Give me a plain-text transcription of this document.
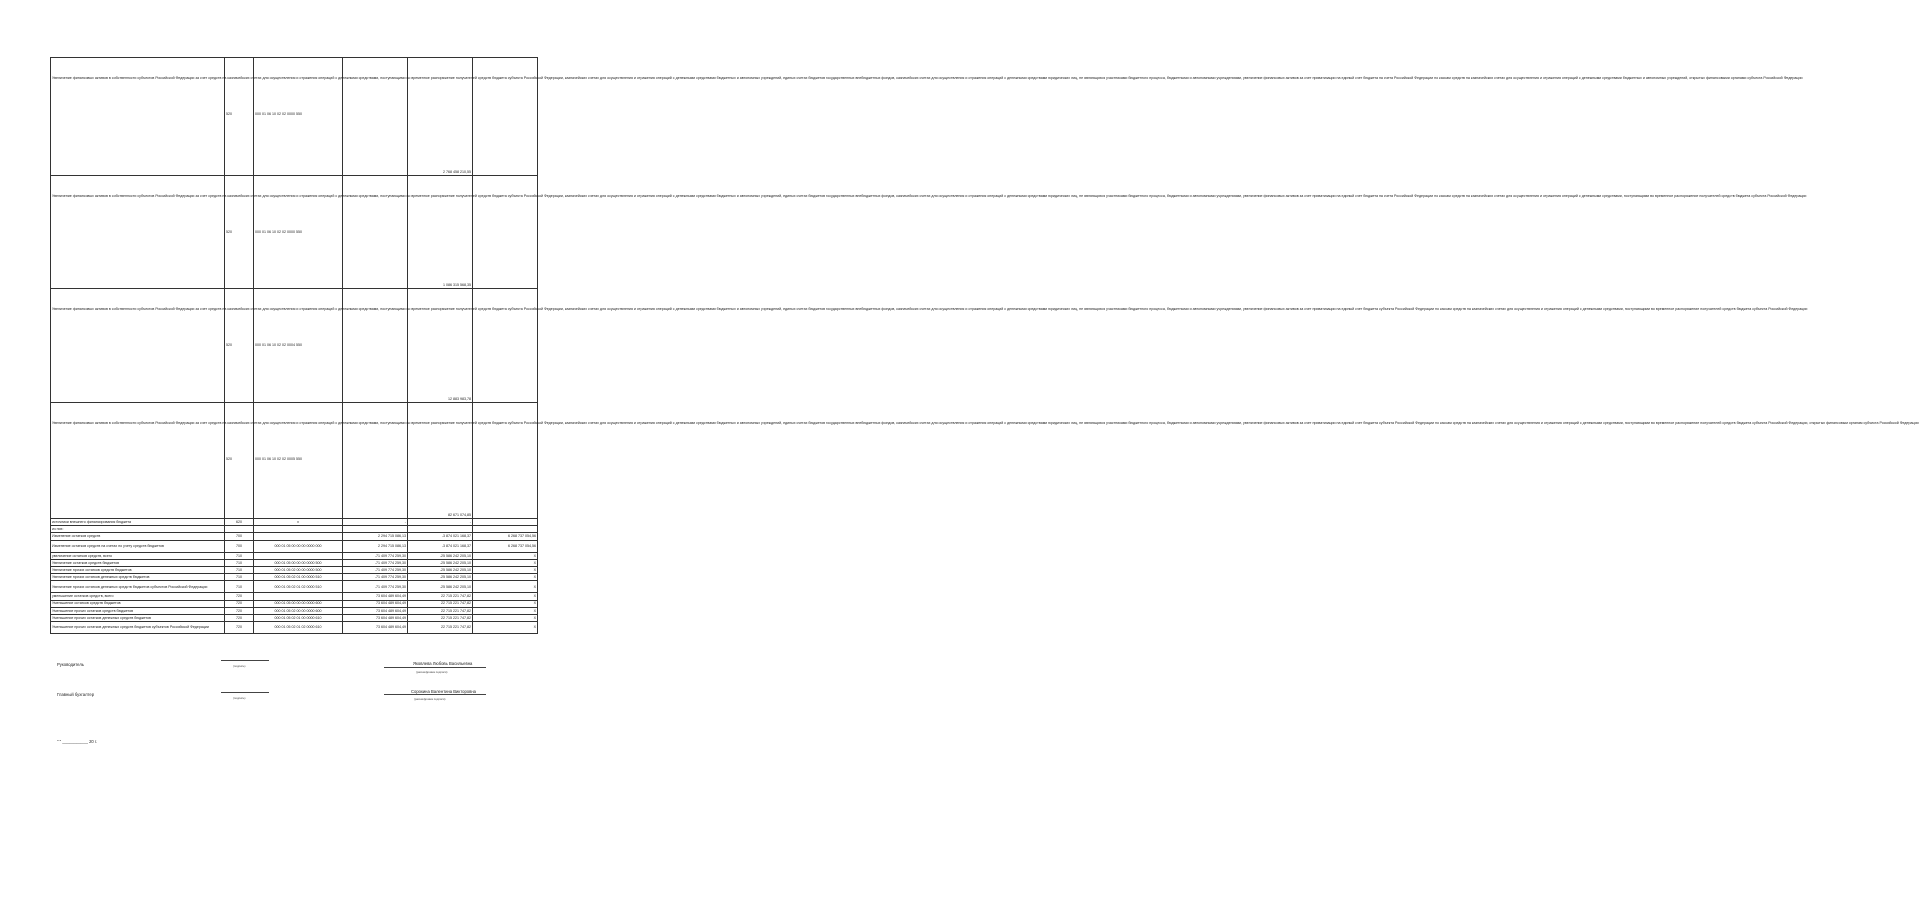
Увеличение финансовых активов в собственности субъектов Российской Федерации за счет средств на казначейских счетах для осуществления и отражения операций с денежными средствами, поступающими во временное распоряжение получателей средств бюджета субъекта Российской Федерации, казначейских счетах для осуществления и отражения операций с денежными средствами бюджетных и автономных учреждений, единых счетах бюджетов государственных внебюджетных фондов, казначейских счетах для осуществления и отражения операций с денежными средствами юридических лиц, не являющихся участниками бюджетного процесса, бюджетными и автономными учреждениями, увеличение финансовых активов за счет приватизации на единый счет бюджета на счета Российской Федерации по кассам средств на казначейских счетах для осуществления и отражения операций с денежными средствами бюджетных и автономных учреждений, открытых финансовыми органами субъекта Российской Федерации	520	000 01 06 10 02 02 0000 550		2 768 458 210,55	
Увеличение финансовых активов в собственности субъектов Российской Федерации за счет средств на казначейских счетах для осуществления и отражения операций с денежными средствами, поступающими во временное распоряжение получателей средств бюджета субъекта Российской Федерации, казначейских счетах для осуществления и отражения операций с денежными средствами бюджетных и автономных учреждений, единых счетах бюджетов государственных внебюджетных фондов, казначейских счетах для осуществления и отражения операций с денежными средствами юридических лиц, не являющихся участниками бюджетного процесса, бюджетными и автономными учреждениями, увеличение финансовых активов за счет приватизации на единый счет бюджета на счета Российской Федерации по кассам средств на казначейских счетах для осуществления и отражения операций с денежными средствами, поступающими во временное распоряжение получателей средств бюджета субъекта Российской Федерации	520	000 01 06 10 02 02 0000 550		1 086 315 568,35	
Увеличение финансовых активов в собственности субъектов Российской Федерации за счет средств на казначейских счетах для осуществления и отражения операций с денежными средствами, поступающими во временное распоряжение получателей средств бюджета субъекта Российской Федерации, казначейских счетах для осуществления и отражения операций с денежными средствами бюджетных и автономных учреждений, единых счетах бюджетов государственных внебюджетных фондов, казначейских счетах для осуществления и отражения операций с денежными средствами юридических лиц, не являющихся участниками бюджетного процесса, бюджетными и автономными учреждениями, увеличение финансовых активов за счет приватизации на единый счет бюджета субъекта Российской Федерации по кассам средств на казначейских счетах для осуществления и отражения операций с денежными средствами, поступающими во временное распоряжение получателей средств бюджета субъекта Российской Федерации	520	000 01 06 10 02 02 0004 550		12 883 983,78	
Увеличение финансовых активов в собственности субъектов Российской Федерации за счет средств на казначейских счетах для осуществления и отражения операций с денежными средствами, поступающими во временное распоряжение получателей средств бюджета субъекта Российской Федерации, казначейских счетах для осуществления и отражения операций с денежными средствами бюджетных и автономных учреждений, единых счетах бюджетов государственных внебюджетных фондов, казначейских счетах для осуществления и отражения операций с денежными средствами юридических лиц, не являющихся участниками бюджетного процесса, бюджетными и автономными учреждениями, увеличение финансовых активов за счет приватизации на единый счет бюджета субъекта Российской Федерации по кассам средств на казначейских счетах для осуществления и отражения операций с денежными средствами, поступающими во временное распоряжение получателей средств бюджета субъекта Российской Федерации, открытых финансовым органам субъекта Российской Федерации	520	000 01 06 10 02 02 0005 550		82 671 074,85	
источники внешнего финансирования бюджета	620	x	-	-	
из них:					
Изменение остатков средств	700		2 294 715 086,13	-3 874 021 168,37	6 268 737 054,56
Изменение остатков средств на счетах по учету средств бюджетов	700	000 01 05 00 00 00 0000 000	2 294 715 086,13	-3 874 021 168,37	6 268 737 054,56
увеличение остатков средств, всего	710		-71 409 774 259,30	-25 586 242 205,10	X
Увеличение остатков средств бюджетов	710	000 01 05 00 00 00 0000 500	-71 409 774 259,30	-25 586 242 205,10	X
Увеличение прочих остатков средств бюджетов	710	000 01 05 02 00 00 0000 500	-71 409 774 259,30	-25 586 242 205,10	X
Увеличение прочих остатков денежных средств бюджетов	710	000 01 05 02 01 00 0000 510	-71 409 774 259,30	-25 586 242 205,10	X
Увеличение прочих остатков денежных средств бюджетов субъектов Российской Федерации	710	000 01 05 02 01 02 0000 510	-71 409 774 259,30	-25 586 242 205,10	X
уменьшение остатков средств, всего	720		73 604 489 604,49	22 715 221 747,82	X
Уменьшение остатков средств бюджетов	720	000 01 05 00 00 00 0000 600	73 604 489 604,49	22 715 221 747,82	X
Уменьшение прочих остатков средств бюджетов	720	000 01 05 02 00 00 0000 600	73 604 489 604,49	22 715 221 747,82	X
Уменьшение прочих остатков денежных средств бюджетов	720	000 01 05 02 01 00 0000 610	73 604 489 604,49	22 715 221 747,82	X
Уменьшение прочих остатков денежных средств бюджетов субъектов Российской Федерации	720	000 01 05 02 01 02 0000 610	73 604 489 604,49	22 715 221 747,82	X
Руководитель	(подпись)	Яковлева Любовь Васильевна
(расшифровка подписи)
Главный бухгалтер
(подпись)
Сорокина Валентина Викторовна
(расшифровка подписи)
" " ___________ 20 г.
